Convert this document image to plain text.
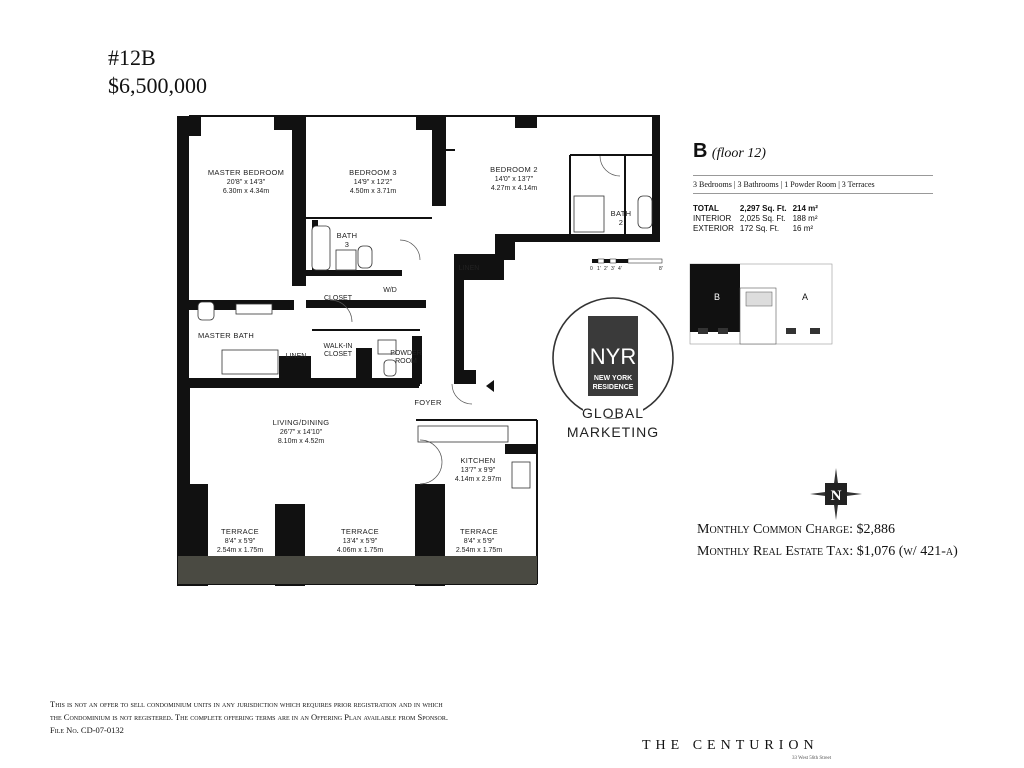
#12B
$6,500,000
MASTER BEDROOM
20'8" x 14'3"
6.30m x 4.34m
BEDROOM 3
14'9" x 12'2"
4.50m x 3.71m
BEDROOM 2
14'0" x 13'7"
4.27m x 4.14m
BATH
3
BATH
2
MASTER BATH
CLOSET
LINEN
LINEN
W/D
WALK-IN
CLOSET	POWDER
ROOM
FOYER
LIVING/DINING
26'7" x 14'10"
8.10m x 4.52m
KITCHEN
13'7" x 9'9"
4.14m x 2.97m
TERRACE
8'4" x 5'9"
2.54m x 1.75m
TERRACE
13'4" x 5'9"
4.06m x 1.75m
TERRACE
8'4" x 5'9"
2.54m x 1.75m
0 1' 2' 3' 4'	8'
B (floor 12)
3 Bedrooms | 3 Bathrooms | 1 Powder Room | 3 Terraces
TOTAL	2,297 Sq. Ft.	214 m²
INTERIOR	2,025 Sq. Ft.	188 m²
EXTERIOR	172 Sq. Ft.	16 m²
B	A
NYR
NEW YORK
RESIDENCE
GLOBAL
MARKETING
N
Monthly Common Charge: $2,886
Monthly Real Estate Tax: $1,076 (w/ 421-a)
This is not an offer to sell condominium units in any jurisdiction which requires prior registration and in which
the Condominium is not registered. The complete offering terms are in an Offering Plan available from Sponsor.
File No. CD-07-0132
THE CENTURION
33 West 56th Street
